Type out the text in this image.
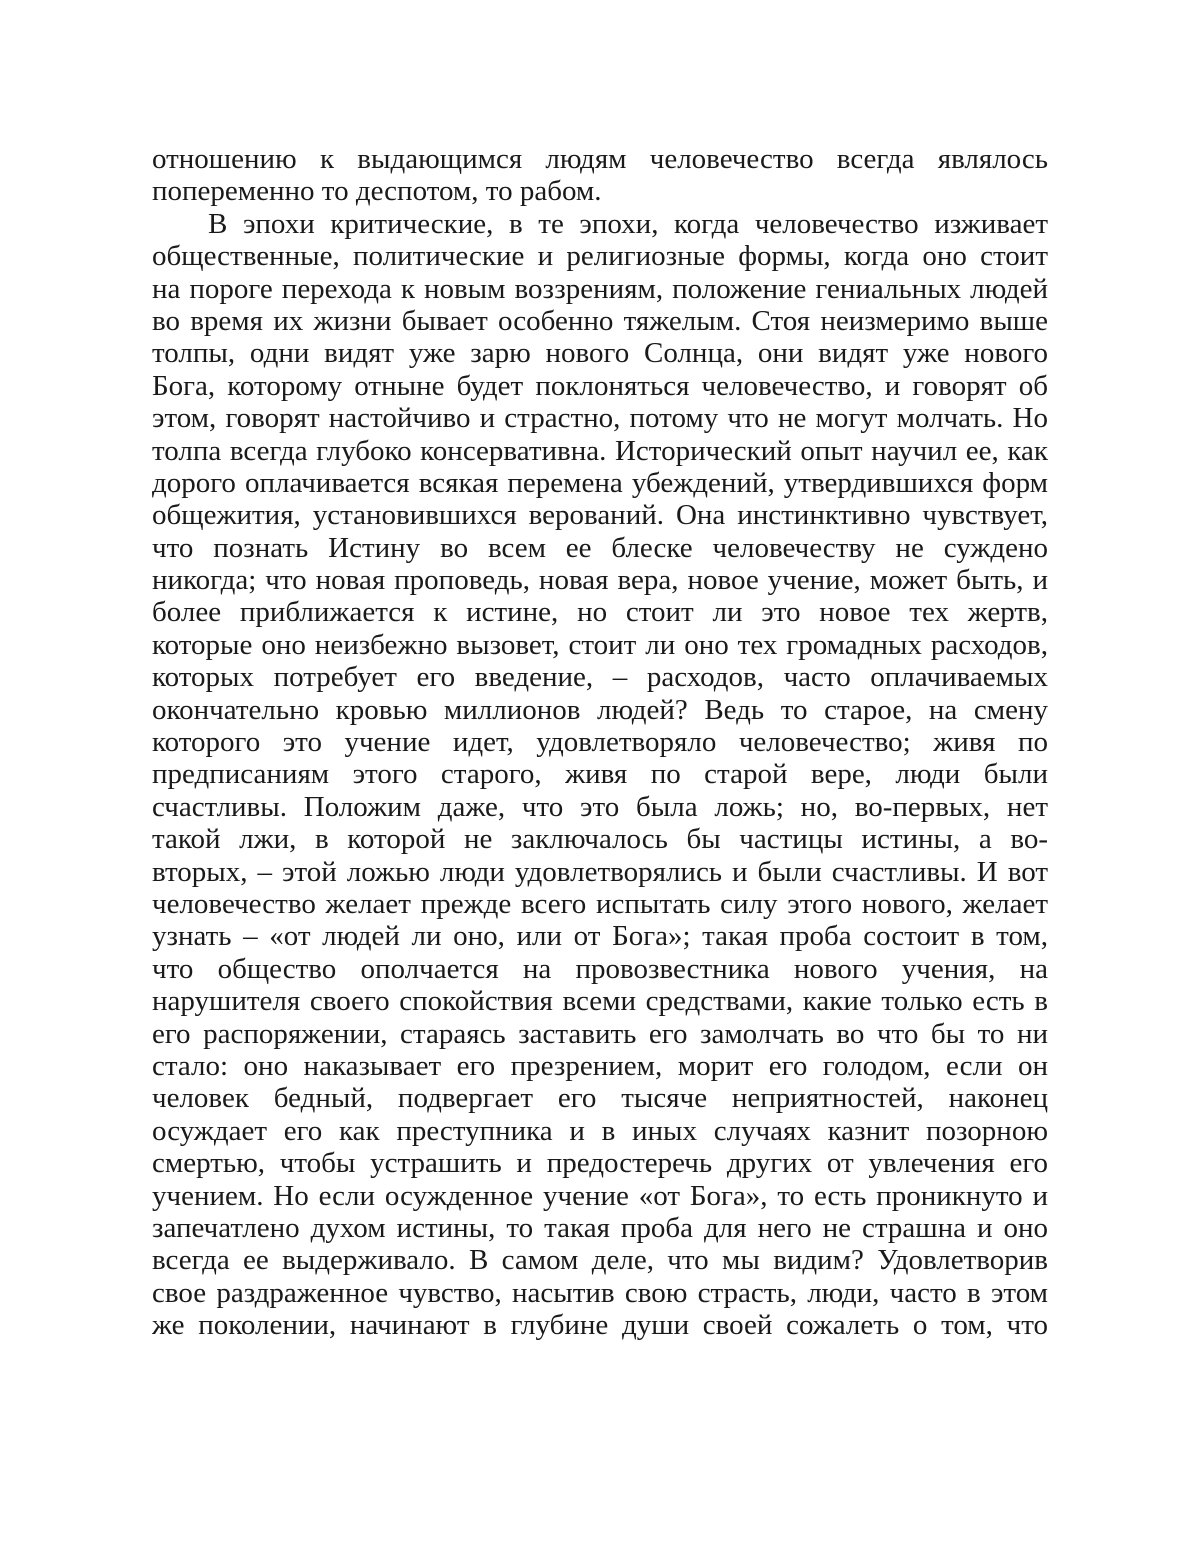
отношению к выдающимся людям человечество всегда являлось
попеременно то деспотом, то рабом.
В эпохи критические, в те эпохи, когда человечество изживает
общественные, политические и религиозные формы, когда оно стоит
на пороге перехода к новым воззрениям, положение гениальных людей
во время их жизни бывает особенно тяжелым. Стоя неизмеримо выше
толпы, одни видят уже зарю нового Солнца, они видят уже нового
Бога, которому отныне будет поклоняться человечество, и говорят об
этом, говорят настойчиво и страстно, потому что не могут молчать. Но
толпа всегда глубоко консервативна. Исторический опыт научил ее, как
дорого оплачивается всякая перемена убеждений, утвердившихся форм
общежития, установившихся верований. Она инстинктивно чувствует,
что познать Истину во всем ее блеске человечеству не суждено
никогда; что новая проповедь, новая вера, новое учение, может быть, и
более приближается к истине, но стоит ли это новое тех жертв,
которые оно неизбежно вызовет, стоит ли оно тех громадных расходов,
которых потребует его введение, – расходов, часто оплачиваемых
окончательно кровью миллионов людей? Ведь то старое, на смену
которого это учение идет, удовлетворяло человечество; живя по
предписаниям этого старого, живя по старой вере, люди были
счастливы. Положим даже, что это была ложь; но, во-первых, нет
такой лжи, в которой не заключалось бы частицы истины, а во-
вторых, – этой ложью люди удовлетворялись и были счастливы. И вот
человечество желает прежде всего испытать силу этого нового, желает
узнать – «от людей ли оно, или от Бога»; такая проба состоит в том,
что общество ополчается на провозвестника нового учения, на
нарушителя своего спокойствия всеми средствами, какие только есть в
его распоряжении, стараясь заставить его замолчать во что бы то ни
стало: оно наказывает его презрением, морит его голодом, если он
человек бедный, подвергает его тысяче неприятностей, наконец
осуждает его как преступника и в иных случаях казнит позорною
смертью, чтобы устрашить и предостеречь других от увлечения его
учением. Но если осужденное учение «от Бога», то есть проникнуто и
запечатлено духом истины, то такая проба для него не страшна и оно
всегда ее выдерживало. В самом деле, что мы видим? Удовлетворив
свое раздраженное чувство, насытив свою страсть, люди, часто в этом
же поколении, начинают в глубине души своей сожалеть о том, что
